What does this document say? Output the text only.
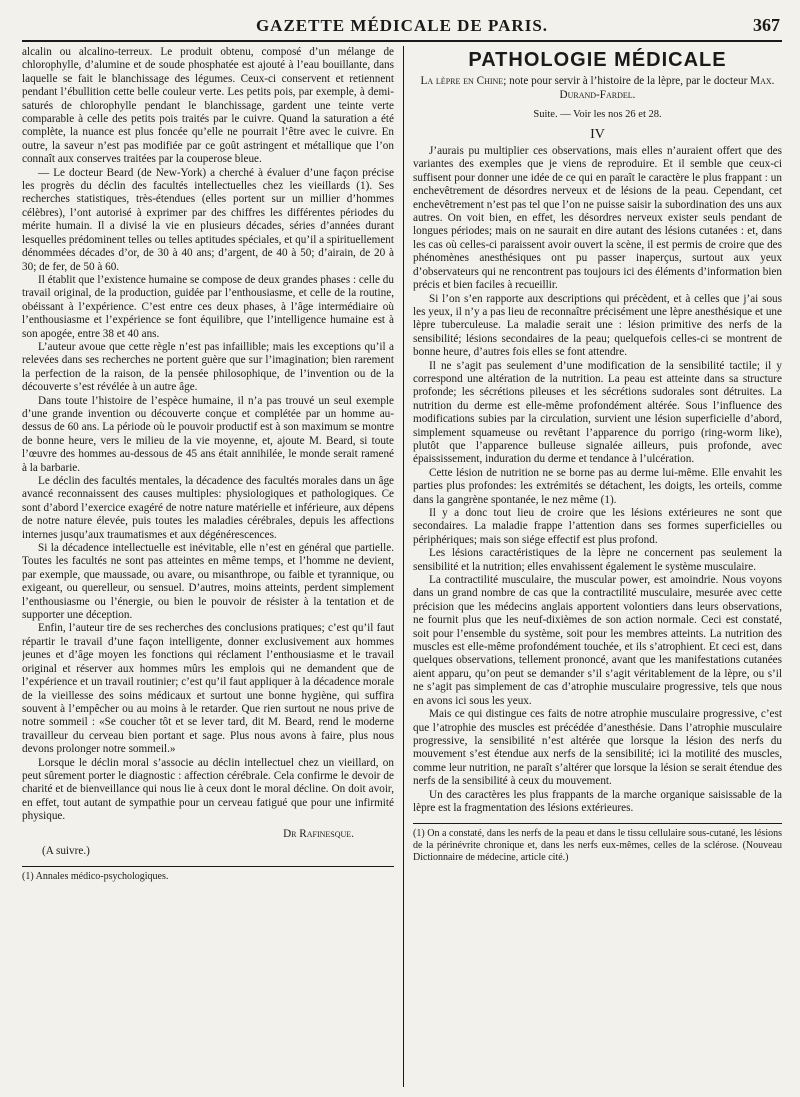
GAZETTE MÉDICALE DE PARIS.	367

alcalin ou alcalino-terreux. Le produit obtenu, composé d’un mélange de chlorophylle, d’alumine et de soude phosphatée est ajouté à l’eau bouillante, dans laquelle se fait le blanchissage des légumes. Ceux-ci conservent et retiennent pendant l’ébullition cette belle couleur verte. Les petits pois, par exemple, à demi-saturés de chlorophylle pendant le blanchissage, gardent une teinte verte comparable à celle des petits pois traités par le cuivre. Quand la saturation a été complète, la nuance est plus foncée qu’elle ne pourrait l’être avec le cuivre. En outre, la saveur n’est pas modifiée par ce goût astringent et métallique que l’on connaît aux conserves traitées par la couperose bleue.

— Le docteur Beard (de New-York) a cherché à évaluer d’une façon précise les progrès du déclin des facultés intellectuelles chez les vieillards (1). Ses recherches statistiques, très-étendues (elles portent sur un millier d’hommes célèbres), l’ont autorisé à exprimer par des chiffres les différentes périodes du mérite humain. Il a divisé la vie en plusieurs décades, séries d’années durant lesquelles prédominent telles ou telles aptitudes spéciales, et qu’il a spirituellement dénommées décades d’or, de 30 à 40 ans; d’argent, de 40 à 50; d’airain, de 20 à 30; de fer, de 50 à 60.

Il établit que l’existence humaine se compose de deux grandes phases : celle du travail original, de la production, guidée par l’enthousiasme, et celle de la routine, obéissant à l’expérience. C’est entre ces deux phases, à l’âge intermédiaire où l’enthousiasme et l’expérience se font équilibre, que l’intelligence humaine est à son apogée, entre 38 et 40 ans.

L’auteur avoue que cette règle n’est pas infaillible; mais les exceptions qu’il a relevées dans ses recherches ne portent guère que sur l’imagination; bien rarement la perfection de la raison, de la pensée philosophique, de l’invention ou de la découverte s’est révélée à un autre âge.

Dans toute l’histoire de l’espèce humaine, il n’a pas trouvé un seul exemple d’une grande invention ou découverte conçue et complétée par un homme au-dessus de 60 ans. La période où le pouvoir productif est à son maximum se montre de bonne heure, vers le milieu de la vie moyenne, et, ajoute M. Beard, si toute l’œuvre des hommes au-dessous de 45 ans était annihilée, le monde serait ramené à la barbarie.

Le déclin des facultés mentales, la décadence des facultés morales dans un âge avancé reconnaissent des causes multiples: physiologiques et pathologiques. Ce sont d’abord l’exercice exagéré de notre nature matérielle et inférieure, aux dépens de notre nature élevée, puis toutes les maladies cérébrales, depuis les affections internes jusqu’aux traumatismes et aux dégénérescences.

Si la décadence intellectuelle est inévitable, elle n’est en général que partielle. Toutes les facultés ne sont pas atteintes en même temps, et l’homme ne devient, par exemple, que maussade, ou avare, ou misanthrope, ou faible et tyrannique, ou exigeant, ou querelleur, ou sensuel. D’autres, moins atteints, perdent simplement l’enthousiasme ou l’énergie, ou bien le pouvoir de résister à la tentation et de supporter une déception.

Enfin, l’auteur tire de ses recherches des conclusions pratiques; c’est qu’il faut répartir le travail d’une façon intelligente, donner exclusivement aux hommes jeunes et d’âge moyen les fonctions qui réclament l’enthousiasme et le travail original et réserver aux hommes mûrs les emplois qui ne demandent que de l’expérience et un travail routinier; c’est qu’il faut appliquer à la décadence morale de la vieillesse des soins médicaux et surtout une bonne hygiène, qui suffira souvent à l’empêcher ou au moins à le retarder. Que rien surtout ne nous prive de notre sommeil : «Se coucher tôt et se lever tard, dit M. Beard, rend le moderne travailleur du cerveau bien portant et sage. Plus nous avons à faire, plus nous devons prolonger notre sommeil.»

Lorsque le déclin moral s’associe au déclin intellectuel chez un vieillard, on peut sûrement porter le diagnostic : affection cérébrale. Cela confirme le devoir de charité et de bienveillance qui nous lie à ceux dont le moral décline. On doit avoir, en effet, tout autant de sympathie pour un cerveau fatigué que pour une infirmité physique.

Dr Rafinesque.
(A suivre.)
(1) Annales médico-psychologiques.
PATHOLOGIE MÉDICALE

La lèpre en Chine; note pour servir à l’histoire de la lèpre, par le docteur Max. Durand-Fardel.

Suite. — Voir les nos 26 et 28.
IV

J’aurais pu multiplier ces observations, mais elles n’auraient offert que des variantes des exemples que je viens de reproduire. Et il semble que ceux-ci suffisent pour donner une idée de ce qui en paraît le caractère le plus frappant : un enchevêtrement de désordres nerveux et de lésions de la peau. Cependant, cet enchevêtrement n’est pas tel que l’on ne puisse saisir la subordination des uns aux autres. On voit bien, en effet, les désordres nerveux exister seuls pendant de longues périodes; mais on ne saurait en dire autant des lésions cutanées : et, dans les cas où celles-ci paraissent avoir ouvert la scène, il est permis de croire que des phénomènes anesthésiques ont pu passer inaperçus, surtout aux yeux d’observateurs qui ne rencontrent pas toujours ici des éléments d’information bien précis et bien faciles à recueillir.

Si l’on s’en rapporte aux descriptions qui précèdent, et à celles que j’ai sous les yeux, il n’y a pas lieu de reconnaître précisément une lèpre anesthésique et une lèpre tuberculeuse. La maladie serait une : lésion primitive des nerfs de la sensibilité; lésions secondaires de la peau; quelquefois celles-ci se montrent de bonne heure, d’autres fois elles se font attendre.

Il ne s’agit pas seulement d’une modification de la sensibilité tactile; il y correspond une altération de la nutrition. La peau est atteinte dans sa structure profonde; les sécrétions pileuses et les sécrétions sudorales sont détruites. La nutrition du derme est elle-même profondément altérée. Sous l’influence des modifications subies par la circulation, survient une lésion superficielle d’abord, simplement squameuse ou revêtant l’apparence du porrigo (ring-worm like), plutôt que l’apparence bulleuse signalée ailleurs, puis profonde, avec épaississement, induration du derme et tendance à l’ulcération.

Cette lésion de nutrition ne se borne pas au derme lui-même. Elle envahit les parties plus profondes: les extrémités se détachent, les doigts, les orteils, comme dans la gangrène spontanée, le nez même (1).

Il y a donc tout lieu de croire que les lésions extérieures ne sont que secondaires. La maladie frappe l’attention dans ses formes superficielles ou périphériques; mais son siége effectif est plus profond.

Les lésions caractéristiques de la lèpre ne concernent pas seulement la sensibilité et la nutrition; elles envahissent également le système musculaire.

La contractilité musculaire, the muscular power, est amoindrie. Nous voyons dans un grand nombre de cas que la contractilité musculaire, mesurée avec cette précision que les médecins anglais apportent volontiers dans leurs observations, ne fournit plus que les neuf-dixièmes de son action normale. Ceci est constaté, soit pour l’ensemble du système, soit pour les membres atteints. La nutrition des muscles est elle-même profondément touchée, et ils s’atrophient. Et ceci est, dans quelques observations, tellement prononcé, avant que les manifestations cutanées aient apparu, qu’on peut se demander s’il s’agit véritablement de la lèpre, ou s’il ne s’agit pas simplement de cas d’atrophie musculaire progressive, tels que nous en avons ici sous les yeux.

Mais ce qui distingue ces faits de notre atrophie musculaire progressive, c’est que l’atrophie des muscles est précédée d’anesthésie. Dans l’atrophie musculaire progressive, la sensibilité n’est altérée que lorsque la lésion des nerfs du mouvement s’est étendue aux nerfs de la sensibilité; ici la motilité des muscles, comme leur nutrition, ne paraît s’altérer que lorsque la lésion se serait étendue des nerfs de la sensibilité à ceux du mouvement.

Un des caractères les plus frappants de la marche organique saisissable de la lèpre est la fragmentation des lésions extérieures.

(1) On a constaté, dans les nerfs de la peau et dans le tissu cellulaire sous-cutané, les lésions de la périnévrite chronique et, dans les nerfs eux-mêmes, celles de la sclérose. (Nouveau Dictionnaire de médecine, article cité.)
